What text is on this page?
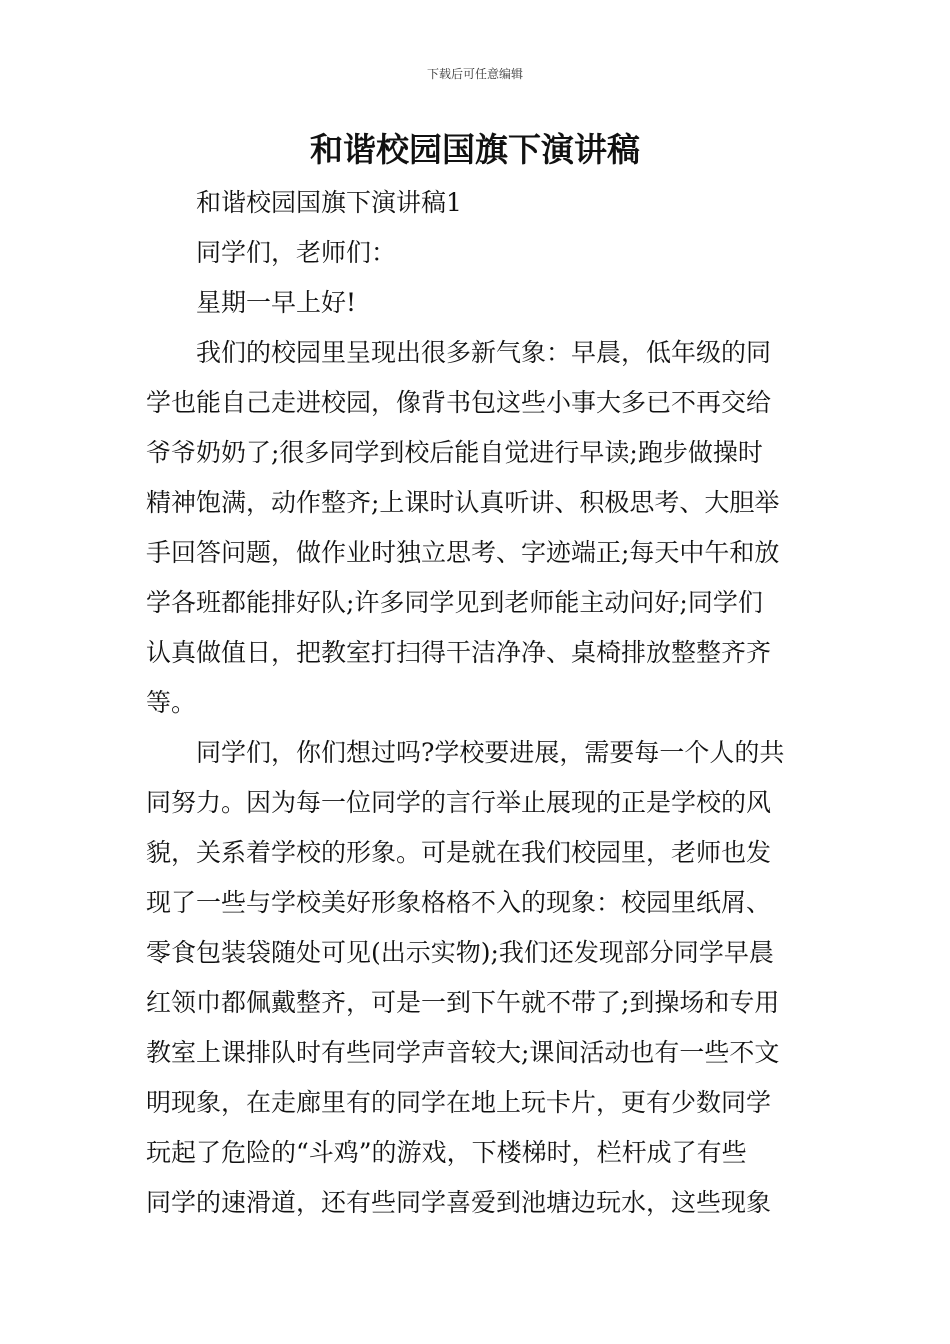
下载后可任意编辑
和谐校园国旗下演讲稿

和谐校园国旗下演讲稿1

同学们，老师们：

星期一早上好!

我们的校园里呈现出很多新气象：早晨，低年级的同

学也能自己走进校园，像背书包这些小事大多已不再交给

爷爷奶奶了;很多同学到校后能自觉进行早读;跑步做操时

精神饱满，动作整齐;上课时认真听讲、积极思考、大胆举

手回答问题，做作业时独立思考、字迹端正;每天中午和放

学各班都能排好队;许多同学见到老师能主动问好;同学们

认真做值日，把教室打扫得干洁净净、桌椅排放整整齐齐

等。

同学们，你们想过吗?学校要进展，需要每一个人的共

同努力。因为每一位同学的言行举止展现的正是学校的风

貌，关系着学校的形象。可是就在我们校园里，老师也发

现了一些与学校美好形象格格不入的现象：校园里纸屑、

零食包装袋随处可见(出示实物);我们还发现部分同学早晨

红领巾都佩戴整齐，可是一到下午就不带了;到操场和专用

教室上课排队时有些同学声音较大;课间活动也有一些不文

明现象，在走廊里有的同学在地上玩卡片，更有少数同学

玩起了危险的“斗鸡”的游戏，下楼梯时，栏杆成了有些

同学的速滑道，还有些同学喜爱到池塘边玩水，这些现象
